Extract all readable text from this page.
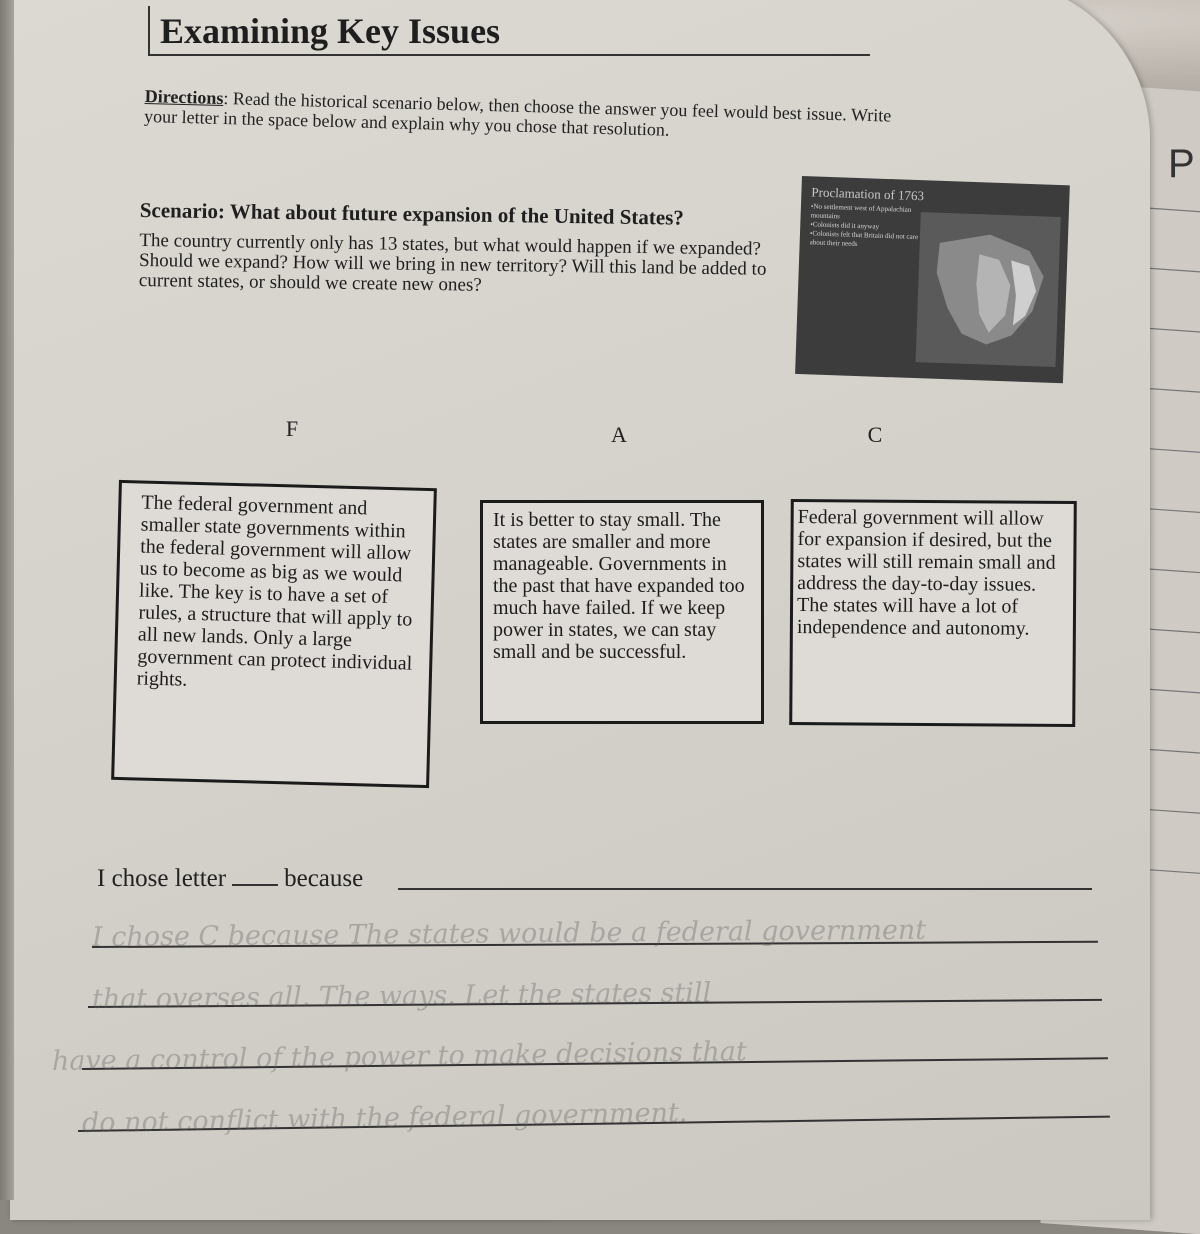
P
Examining Key Issues
Directions: Read the historical scenario below, then choose the answer you feel would best issue. Write your letter in the space below and explain why you chose that resolution.
Scenario: What about future expansion of the United States?
The country currently only has 13 states, but what would happen if we expanded? Should we expand? How will we bring in new territory? Will this land be added to current states, or should we create new ones?
Proclamation of 1763
• No settlement west of Appalachian mountains
• Colonists did it anyway
• Colonists felt that Britain did not care about their needs
F	A	C
The federal government and smaller state governments within the federal government will allow us to become as big as we would like. The key is to have a set of rules, a structure that will apply to all new lands. Only a large government can protect individual rights.
It is better to stay small. The states are smaller and more manageable. Governments in the past that have expanded too much have failed. If we keep power in states, we can stay small and be successful.
Federal government will allow for expansion if desired, but the states will still remain small and address the day-to-day issues. The states will have a lot of independence and autonomy.
I chose letter because
I chose C because The states would be a federal government
that overses all. The ways. Let the states still
have a control of the power to make decisions that
do not conflict with the federal government.
